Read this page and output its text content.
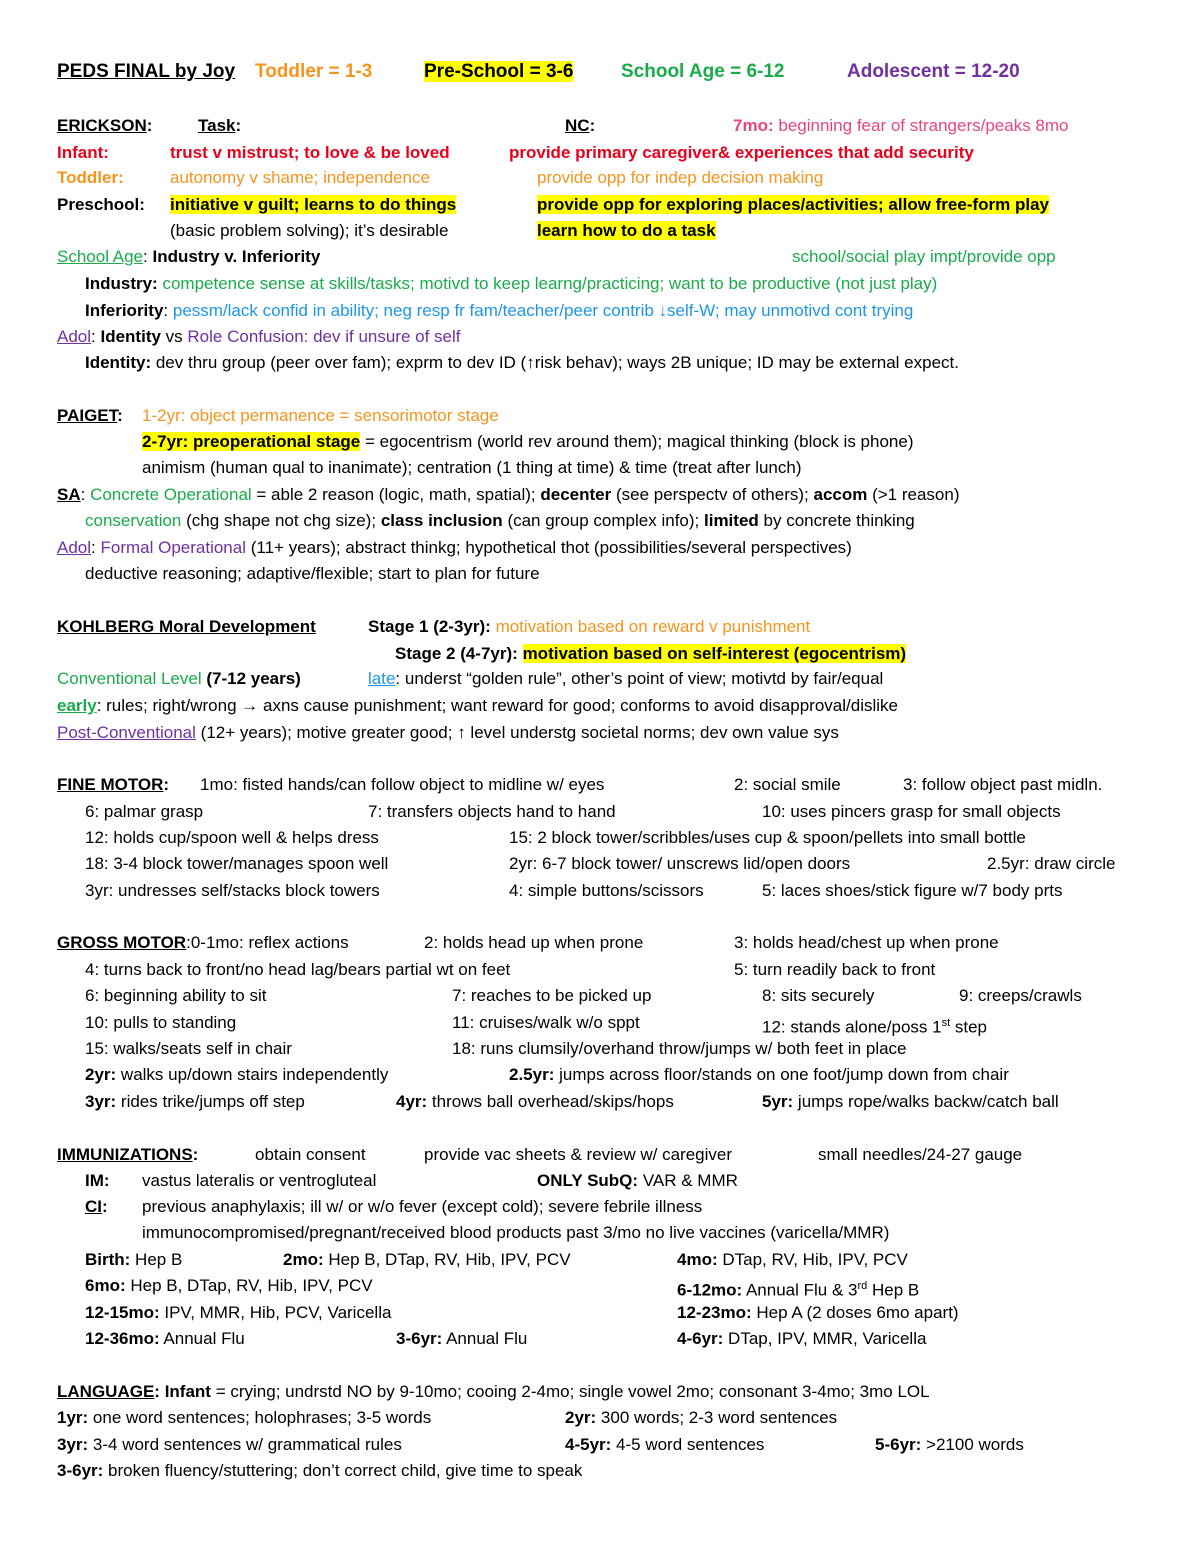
PEDS FINAL by Joy Toddler = 1-3	Pre-School = 3-6	School Age = 6-12	Adolescent = 12-20
ERICKSON:	Task:	NC:	7mo: beginning fear of strangers/peaks 8mo
Infant:	trust v mistrust; to love & be loved	provide primary caregiver& experiences that add security
Toddler:	autonomy v shame; independence	provide opp for indep decision making
Preschool: initiative v guilt; learns to do things	provide opp for exploring places/activities; allow free-form play
(basic problem solving); it’s desirable	learn how to do a task
School Age: Industry v. Inferiority	school/social play impt/provide opp
Industry: competence sense at skills/tasks; motivd to keep learng/practicing; want to be productive (not just play)
Inferiority: pessm/lack confid in ability; neg resp fr fam/teacher/peer contrib ↓self-W; may unmotivd cont trying
Adol: Identity vs Role Confusion: dev if unsure of self
Identity: dev thru group (peer over fam); exprm to dev ID (↑risk behav); ways 2B unique; ID may be external expect.
PAIGET: 1-2yr: object permanence = sensorimotor stage
2-7yr: preoperational stage = egocentrism (world rev around them); magical thinking (block is phone)
animism (human qual to inanimate); centration (1 thing at time) & time (treat after lunch)
SA: Concrete Operational = able 2 reason (logic, math, spatial); decenter (see perspectv of others); accom (>1 reason)
conservation (chg shape not chg size); class inclusion (can group complex info); limited by concrete thinking
Adol: Formal Operational (11+ years); abstract thinkg; hypothetical thot (possibilities/several perspectives)
deductive reasoning; adaptive/flexible; start to plan for future
KOHLBERG Moral Development	Stage 1 (2-3yr): motivation based on reward v punishment
Stage 2 (4-7yr): motivation based on self-interest (egocentrism)
Conventional Level (7-12 years)	late: underst “golden rule”, other’s point of view; motivtd by fair/equal
early: rules; right/wrong → axns cause punishment; want reward for good; conforms to avoid disapproval/dislike
Post-Conventional (12+ years); motive greater good; ↑ level understg societal norms; dev own value sys
FINE MOTOR: 1mo: fisted hands/can follow object to midline w/ eyes	2: social smile	3: follow object past midln.
6: palmar grasp	7: transfers objects hand to hand	10: uses pincers grasp for small objects
12: holds cup/spoon well & helps dress	15: 2 block tower/scribbles/uses cup & spoon/pellets into small bottle
18: 3-4 block tower/manages spoon well	2yr: 6-7 block tower/ unscrews lid/open doors	2.5yr: draw circle
3yr: undresses self/stacks block towers	4: simple buttons/scissors	5: laces shoes/stick figure w/7 body prts
GROSS MOTOR:0-1mo: reflex actions	2: holds head up when prone	3: holds head/chest up when prone
4: turns back to front/no head lag/bears partial wt on feet	5: turn readily back to front
6: beginning ability to sit	7: reaches to be picked up	8: sits securely	9: creeps/crawls
10: pulls to standing	11: cruises/walk w/o sppt	12: stands alone/poss 1st step
15: walks/seats self in chair	18: runs clumsily/overhand throw/jumps w/ both feet in place
2yr: walks up/down stairs independently	2.5yr: jumps across floor/stands on one foot/jump down from chair
3yr: rides trike/jumps off step	4yr: throws ball overhead/skips/hops	5yr: jumps rope/walks backw/catch ball
IMMUNIZATIONS:	obtain consent	provide vac sheets & review w/ caregiver	small needles/24-27 gauge
IM: vastus lateralis or ventrogluteal	ONLY SubQ: VAR & MMR
CI: previous anaphylaxis; ill w/ or w/o fever (except cold); severe febrile illness
immunocompromised/pregnant/received blood products past 3/mo no live vaccines (varicella/MMR)
Birth: Hep B	2mo: Hep B, DTap, RV, Hib, IPV, PCV	4mo: DTap, RV, Hib, IPV, PCV
6mo: Hep B, DTap, RV, Hib, IPV, PCV	6-12mo: Annual Flu & 3rd Hep B
12-15mo: IPV, MMR, Hib, PCV, Varicella	12-23mo: Hep A (2 doses 6mo apart)
12-36mo: Annual Flu	3-6yr: Annual Flu	4-6yr: DTap, IPV, MMR, Varicella
LANGUAGE: Infant = crying; undrstd NO by 9-10mo; cooing 2-4mo; single vowel 2mo; consonant 3-4mo; 3mo LOL
1yr: one word sentences; holophrases; 3-5 words	2yr: 300 words; 2-3 word sentences
3yr: 3-4 word sentences w/ grammatical rules	4-5yr: 4-5 word sentences	5-6yr: >2100 words
3-6yr: broken fluency/stuttering; don’t correct child, give time to speak
